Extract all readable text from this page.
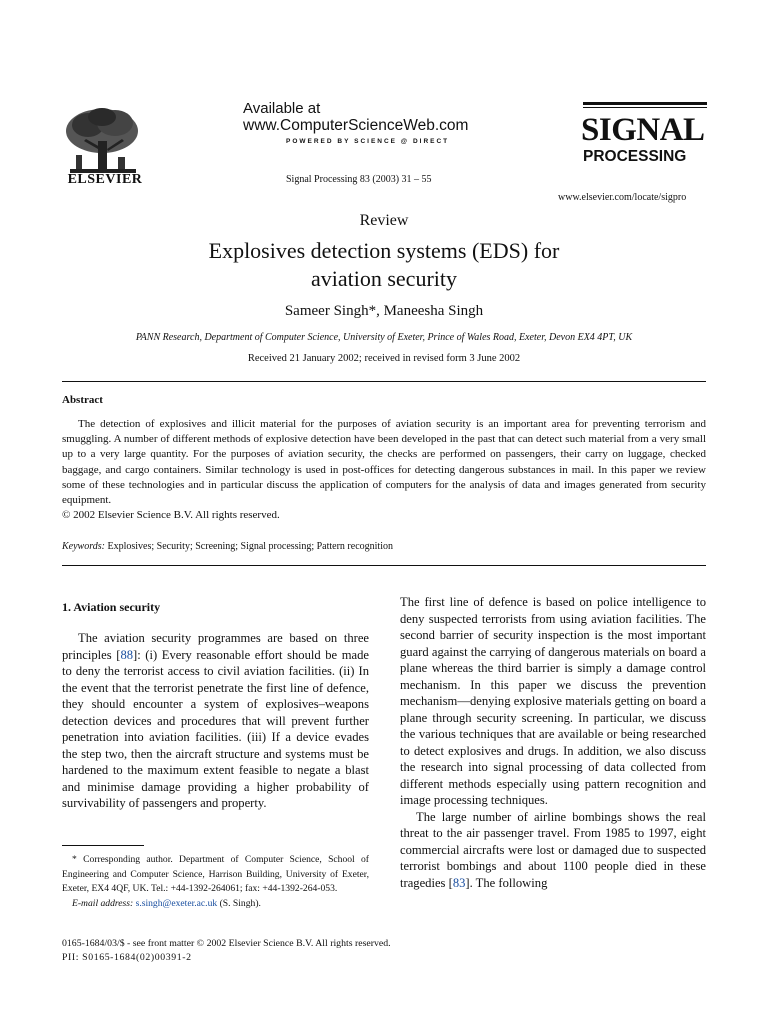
ELSEVIER
Available at
www.ComputerScienceWeb.com
POWERED BY SCIENCE @ DIRECT
Signal Processing 83 (2003) 31 – 55
SIGNAL
PROCESSING
www.elsevier.com/locate/sigpro
Review
Explosives detection systems (EDS) for
aviation security
Sameer Singh*, Maneesha Singh
PANN Research, Department of Computer Science, University of Exeter, Prince of Wales Road, Exeter, Devon EX4 4PT, UK
Received 21 January 2002; received in revised form 3 June 2002
Abstract

The detection of explosives and illicit material for the purposes of aviation security is an important area for preventing terrorism and smuggling. A number of different methods of explosive detection have been developed in the past that can detect such material from a very small up to a very large quantity. For the purposes of aviation security, the checks are performed on passengers, their carry on luggage, checked baggage, and cargo containers. Similar technology is used in post-offices for detecting dangerous substances in mail. In this paper we review some of these technologies and in particular discuss the application of computers for the analysis of data and images generated from security equipment.

© 2002 Elsevier Science B.V. All rights reserved.

Keywords: Explosives; Security; Screening; Signal processing; Pattern recognition
1. Aviation security

The aviation security programmes are based on three principles [88]: (i) Every reasonable effort should be made to deny the terrorist access to civil aviation facilities. (ii) In the event that the terrorist penetrate the first line of defence, they should encounter a system of explosives–weapons detection devices and procedures that will prevent further penetration into aviation facilities. (iii) If a device evades the step two, then the aircraft structure and systems must be hardened to the maximum extent feasible to negate a blast and minimise damage providing a higher probability of survivability of passengers and property.

* Corresponding author. Department of Computer Science, School of Engineering and Computer Science, Harrison Building, University of Exeter, Exeter, EX4 4QF, UK. Tel.: +44-1392-264061; fax: +44-1392-264-053.

E-mail address: s.singh@exeter.ac.uk (S. Singh).

The first line of defence is based on police intelligence to deny suspected terrorists from using aviation facilities. The second barrier of security inspection is the most important guard against the carrying of dangerous materials on board a plane whereas the third barrier is simply a damage control mechanism. In this paper we discuss the prevention mechanism—denying explosive materials getting on board a plane through security screening. In particular, we discuss the various techniques that are available or being researched to detect explosives and drugs. In addition, we also discuss the research into signal processing of data collected from different methods especially using pattern recognition and image processing techniques.

The large number of airline bombings shows the real threat to the air passenger travel. From 1985 to 1997, eight commercial aircrafts were lost or damaged due to suspected terrorist bombings and about 1100 people died in these tragedies [83]. The following

0165-1684/03/$ - see front matter © 2002 Elsevier Science B.V. All rights reserved.
PII: S0165-1684(02)00391-2
